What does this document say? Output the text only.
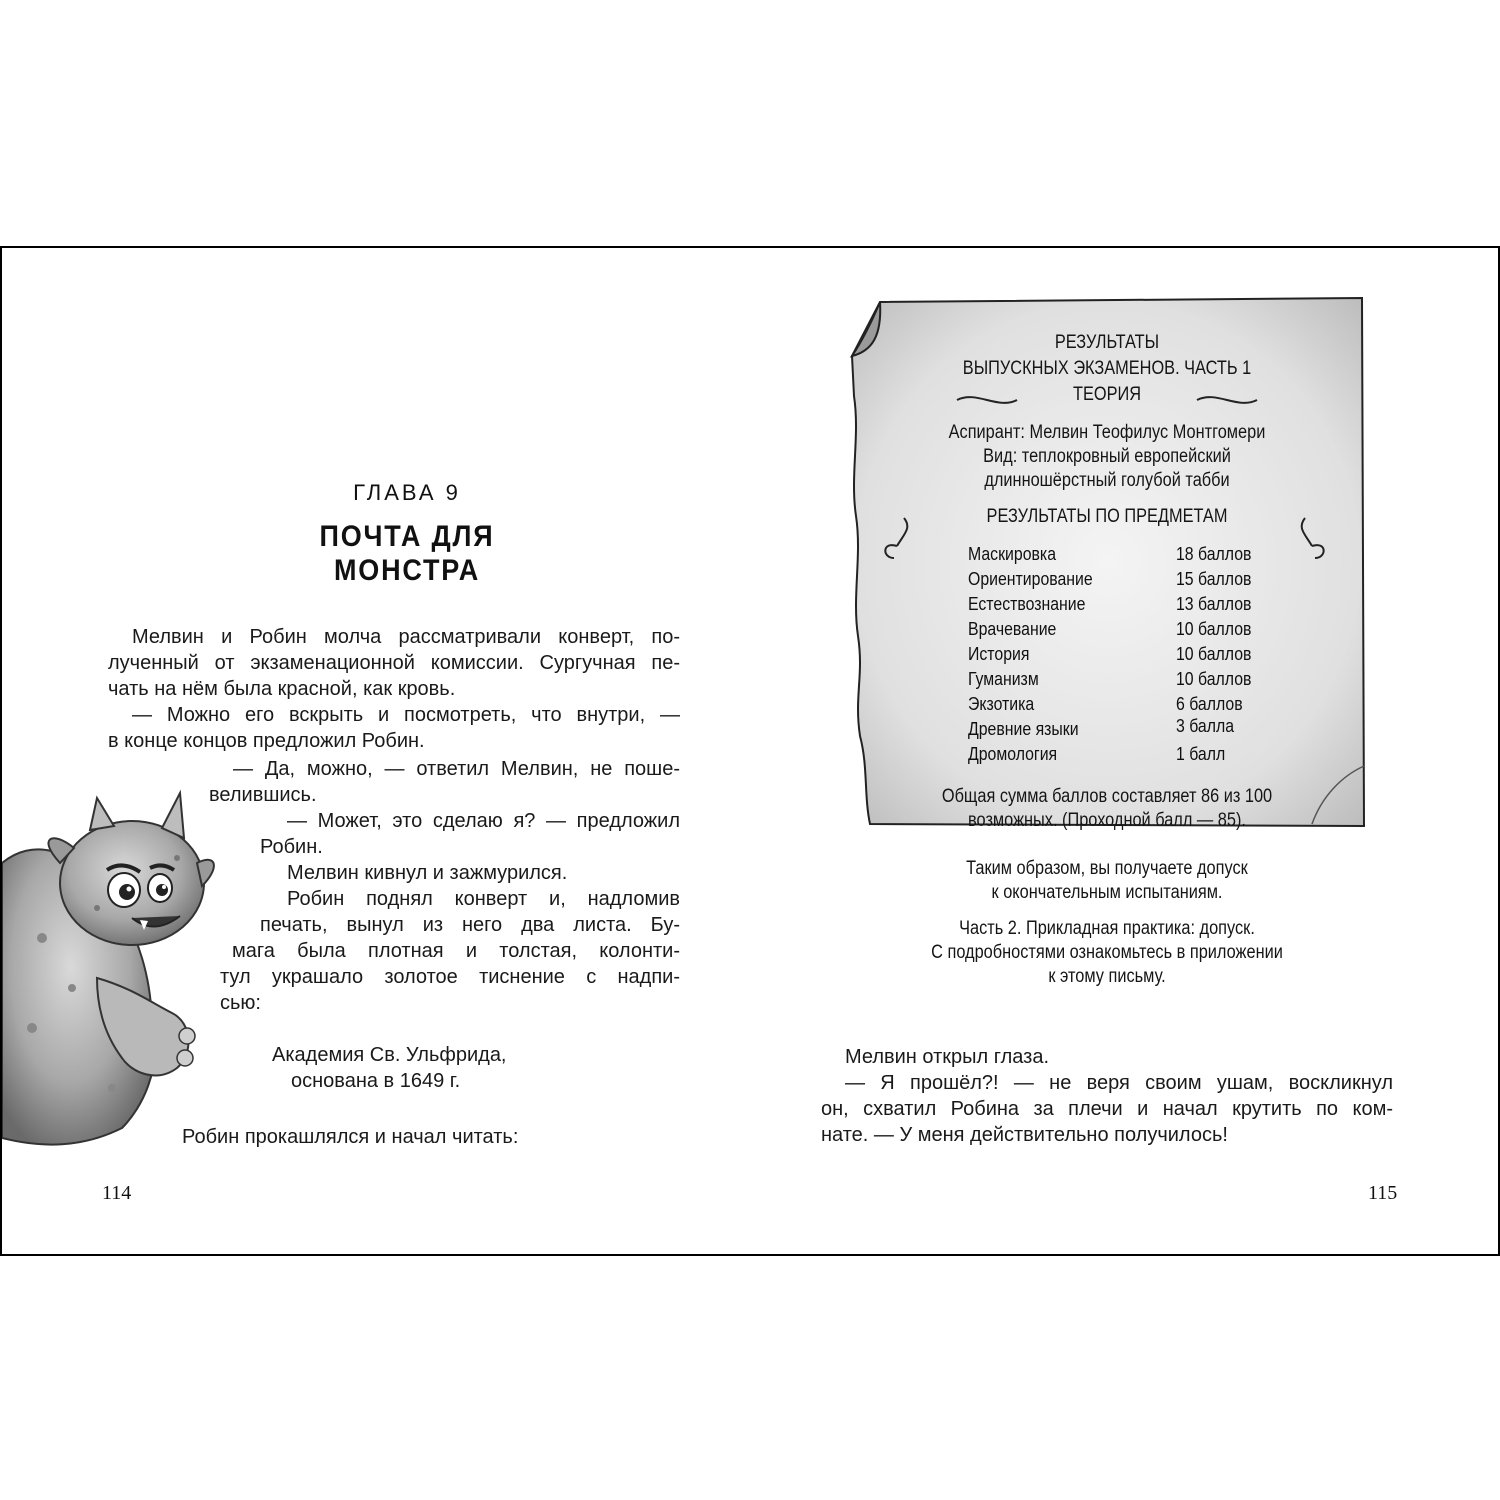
ГЛАВА 9
ПОЧТА ДЛЯ МОНСТРА
Мелвин и Робин молча рассматривали конверт, по-
лученный от экзаменационной комиссии. Сургучная пе-
чать на нём была красной, как кровь.
— Можно его вскрыть и посмотреть, что внутри, —
в конце концов предложил Робин.
— Да, можно, — ответил Мелвин, не поше-
велившись.
— Может, это сделаю я? — предложил
Робин.
Мелвин кивнул и зажмурился.
Робин поднял конверт и, надломив
печать, вынул из него два листа. Бу-
мага была плотная и толстая, колонти-
тул украшало золотое тиснение с надпи-
сью:
Академия Св. Ульфрида,
основана в 1649 г.
Робин прокашлялся и начал читать:
114
РЕЗУЛЬТАТЫ
ВЫПУСКНЫХ ЭКЗАМЕНОВ. ЧАСТЬ 1
ТЕОРИЯ
Аспирант: Мелвин Теофилус Монтгомери
Вид: теплокровный европейский
длинношёрстный голубой табби
РЕЗУЛЬТАТЫ ПО ПРЕДМЕТАМ
Маскировка	18 баллов
Ориентирование	15 баллов
Естествознание	13 баллов
Врачевание	10 баллов
История	10 баллов
Гуманизм	10 баллов
Экзотика	6 баллов
Древние языки	3 балла
Дромология	1 балл
Общая сумма баллов составляет 86 из 100
возможных. (Проходной балл — 85).
Таким образом, вы получаете допуск
к окончательным испытаниям.
Часть 2. Прикладная практика: допуск.
С подробностями ознакомьтесь в приложении
к этому письму.
Мелвин открыл глаза.
— Я прошёл?! — не веря своим ушам, воскликнул
он, схватил Робина за плечи и начал крутить по ком-
нате. — У меня действительно получилось!
115
